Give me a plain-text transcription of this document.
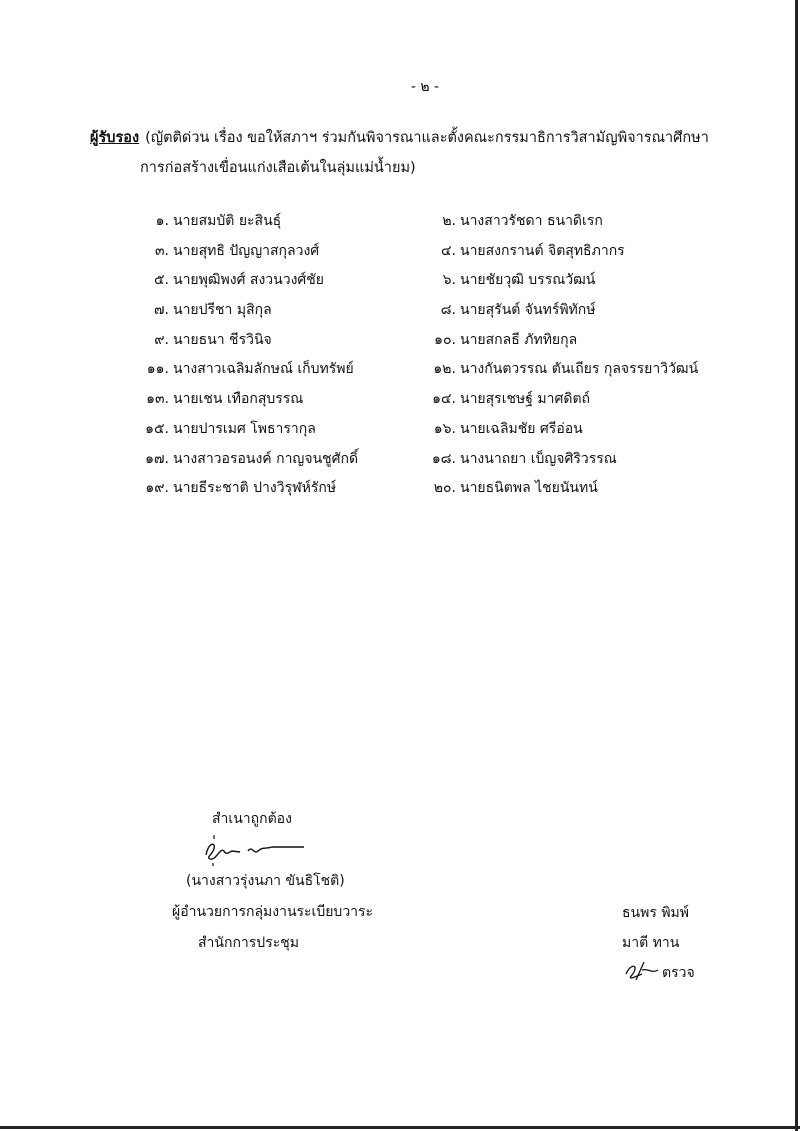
- ๒ -
ผู้รับรอง (ญัตติด่วน เรื่อง ขอให้สภาฯ ร่วมกันพิจารณาและตั้งคณะกรรมาธิการวิสามัญพิจารณาศึกษา
การก่อสร้างเขื่อนแก่งเสือเต้นในลุ่มแม่น้ำยม)
๑. นายสมบัติ ยะสินธุ์	๒. นางสาวรัชดา ธนาดิเรก
๓. นายสุทธิ ปัญญาสกุลวงศ์	๔. นายสงกรานต์ จิตสุทธิภากร
๕. นายพุฒิพงศ์ สงวนวงศ์ชัย	๖. นายชัยวุฒิ บรรณวัฒน์
๗. นายปรีชา มุสิกุล	๘. นายสุรันต์ จันทร์พิทักษ์
๙. นายธนา ชีรวินิจ	๑๐. นายสกลธี ภัททิยกุล
๑๑. นางสาวเฉลิมลักษณ์ เก็บทรัพย์	๑๒. นางกันตวรรณ ตันเถียร กุลจรรยาวิวัฒน์
๑๓. นายเชน เทือกสุบรรณ	๑๔. นายสุรเชษฐ์ มาศดิตถ์
๑๕. นายปารเมศ โพธารากุล	๑๖. นายเฉลิมชัย ศรีอ่อน
๑๗. นางสาวอรอนงค์ กาญจนชูศักดิ์	๑๘. นางนาถยา เบ็ญจศิริวรรณ
๑๙. นายธีระชาติ ปางวิรุฬห์รักษ์	๒๐. นายธนิตพล ไชยนันทน์
สำเนาถูกต้อง
(นางสาวรุ่งนภา ขันธิโชติ)
ผู้อำนวยการกลุ่มงานระเบียบวาระ
สำนักการประชุม
ธนพร พิมพ์
มาตี ทาน
ตรวจ
